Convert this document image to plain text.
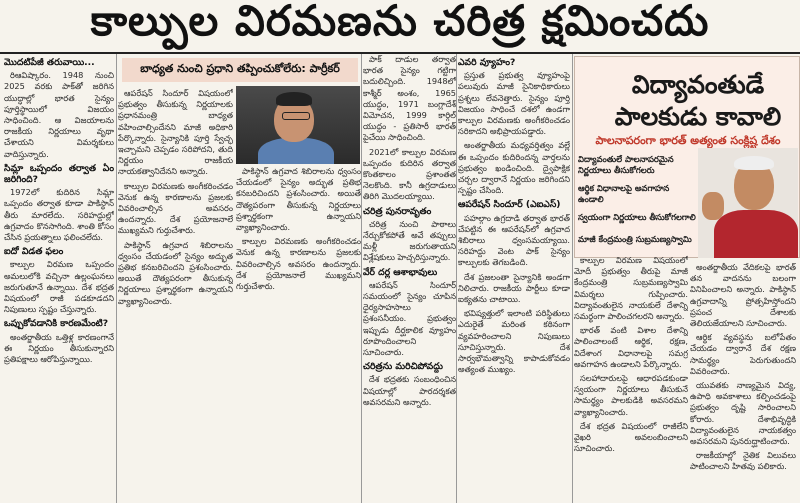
కాల్పుల విరమణను చరిత్ర క్షమించదు
మొదటిపేజీ తరువాయి...

రిఆవిష్కారం. 1948 నుంచి 2025 వరకు పాక్‌తో జరిగిన యుద్ధాల్లో భారత సైన్యం పూర్తిస్థాయిలో విజయం సాధించింది. ఆ విజయాలను రాజకీయ నిర్ణయాలు వృథా చేశాయని విమర్శకులు వాదిస్తున్నారు.

సిమ్లా ఒప్పందం తర్వాత ఏం జరిగింది?

1972లో కుదిరిన సిమ్లా ఒప్పందం తర్వాత కూడా పాకిస్థాన్ తీరు మారలేదు. సరిహద్దుల్లో ఉగ్రవాదం కొనసాగింది. శాంతి కోసం చేసిన ప్రయత్నాలు ఫలించలేదు.

ఐదో విడత ఫలం

కాల్పుల విరమణ ఒప్పందం అమలులోకి వచ్చినా ఉల్లంఘనలు జరుగుతూనే ఉన్నాయి. దేశ భద్రత విషయంలో రాజీ పడకూడదని నిపుణులు స్పష్టం చేస్తున్నారు.

ఒప్పుకోవడానికి కారణమేంటి?

అంతర్జాతీయ ఒత్తిళ్ల కారణంగానే ఈ నిర్ణయం తీసుకున్నారని ప్రతిపక్షాలు ఆరోపిస్తున్నాయి.

బాధ్యత నుంచి ప్రధాని తప్పించుకోలేరు: పార్రీకర్

ఆపరేషన్ సిందూర్ విషయంలో ప్రభుత్వం తీసుకున్న నిర్ణయాలకు ప్రధానమంత్రి బాధ్యత వహించాల్సిందేనని మాజీ అధికారి పేర్కొన్నారు. సైన్యానికి పూర్తి స్వేచ్ఛ ఇచ్చామని చెప్పడం సరిపోదని, తుది నిర్ణయం రాజకీయ నాయకత్వానిదేనని అన్నారు.

కాల్పుల విరమణకు అంగీకరించడం వెనుక ఉన్న కారణాలను ప్రజలకు వివరించాల్సిన అవసరం ఉందన్నారు. దేశ ప్రయోజనాలే ముఖ్యమని గుర్తుచేశారు.

పాకిస్థాన్ ఉగ్రవాద శిబిరాలను ధ్వంసం చేయడంలో సైన్యం అద్భుత ప్రతిభ కనబరిచిందని ప్రశంసించారు. అయితే దౌత్యపరంగా తీసుకున్న నిర్ణయాలు ప్రశ్నార్థకంగా ఉన్నాయని వ్యాఖ్యానించారు.

పాకిస్థాన్ ఉగ్రవాద శిబిరాలను ధ్వంసం చేయడంలో సైన్యం అద్భుత ప్రతిభ కనబరిచిందని ప్రశంసించారు. అయితే దౌత్యపరంగా తీసుకున్న నిర్ణయాలు ప్రశ్నార్థకంగా ఉన్నాయని వ్యాఖ్యానించారు.

కాల్పుల విరమణకు అంగీకరించడం వెనుక ఉన్న కారణాలను ప్రజలకు వివరించాల్సిన అవసరం ఉందన్నారు. దేశ ప్రయోజనాలే ముఖ్యమని గుర్తుచేశారు.

పాక్ దాడుల తర్వాత భారత సైన్యం గట్టిగా బదులిచ్చింది. 1948లో కాశ్మీర్ అంశం, 1965 యుద్ధం, 1971 బంగ్లాదేశ్ విమోచన, 1999 కార్గిల్ యుద్ధం - ప్రతిసారీ భారత్ పైచేయి సాధించింది.

2021లో కాల్పుల విరమణ ఒప్పందం కుదిరిన తర్వాత కొంతకాలం ప్రశాంతత నెలకొంది. కానీ ఉగ్రదాడులు తిరిగి మొదలయ్యాయి.

చరిత్ర పునరావృతం

చరిత్ర నుంచి పాఠాలు నేర్చుకోకపోతే అవే తప్పులు మళ్లీ జరుగుతాయని విశ్లేషకులు హెచ్చరిస్తున్నారు.

వేర్ దర్ల ఆశాభావులు

ఆపరేషన్ సిందూర్ సమయంలో సైన్యం చూపిన ధైర్యసాహసాలు ప్రశంసనీయం. ప్రభుత్వం ఇప్పుడు దీర్ఘకాలిక వ్యూహం రూపొందించాలని సూచించారు.

చరిత్రను మరిచిపోవద్దు

దేశ భద్రతకు సంబంధించిన విషయాల్లో పారదర్శకత అవసరమని అన్నారు.

ఎవరి వ్యూహం?

ప్రస్తుత ప్రభుత్వ వ్యూహంపై పలువురు మాజీ సైనికాధికారులు ప్రశ్నలు లేవనెత్తారు. సైన్యం పూర్తి విజయం సాధించే దశలో ఉండగా కాల్పుల విరమణకు అంగీకరించడం సరికాదని అభిప్రాయపడ్డారు.

అంతర్జాతీయ మధ్యవర్తిత్వం వల్లే ఈ ఒప్పందం కుదిరిందన్న వార్తలను ప్రభుత్వం ఖండించింది. ద్వైపాక్షిక చర్చల ద్వారానే నిర్ణయం జరిగిందని స్పష్టం చేసింది.

ఆపరేషన్ సిందూర్ (ఎఐఎస్)

పహల్గాం ఉగ్రదాడి తర్వాత భారత్ చేపట్టిన ఈ ఆపరేషన్‌లో ఉగ్రవాద శిబిరాలు ధ్వంసమయ్యాయి. సరిహద్దు వెంట పాక్ సైన్యం కాల్పులకు తెగబడింది.

దేశ ప్రజలంతా సైన్యానికి అండగా నిలిచారు. రాజకీయ పార్టీలు కూడా ఐక్యతను చాటాయి.

భవిష్యత్తులో ఇలాంటి పరిస్థితులు ఎదురైతే మరింత కఠినంగా వ్యవహరించాలని నిపుణులు సూచిస్తున్నారు. దేశ సార్వభౌమత్వాన్ని కాపాడుకోవడం అత్యంత ముఖ్యం.

విద్యావంతుడే
పాలకుడు కావాలి
పాలనాపరంగా భారత్ అత్యంత సంక్లిష్ట దేశం
విద్యావంతులే పాలనాపరమైన నిర్ణయాలు తీసుకోగలరు
ఆర్థిక విధానాలపై అవగాహన ఉండాలి
స్వయంగా నిర్ణయాలు తీసుకోగలగాలి
మాజీ కేంద్రమంత్రి సుబ్రమణ్యస్వామి

కాల్పుల విరమణ విషయంలో మోదీ ప్రభుత్వం తీరుపై మాజీ కేంద్రమంత్రి సుబ్రమణ్యస్వామి విమర్శలు గుప్పించారు. విద్యావంతులైన నాయకులే దేశాన్ని సమర్థంగా పాలించగలరని అన్నారు.

భారత్ వంటి విశాల దేశాన్ని పాలించాలంటే ఆర్థిక, రక్షణ, విదేశాంగ విధానాలపై సమగ్ర అవగాహన ఉండాలని పేర్కొన్నారు.

సలహాదారులపై ఆధారపడకుండా స్వయంగా నిర్ణయాలు తీసుకునే సామర్థ్యం పాలకుడికి అవసరమని వ్యాఖ్యానించారు.

దేశ భద్రత విషయంలో రాజీలేని వైఖరి అవలంబించాలని సూచించారు.

అంతర్జాతీయ వేదికలపై భారత్ తన వాదనను బలంగా వినిపించాలని అన్నారు. పాకిస్థాన్ ఉగ్రవాదాన్ని ప్రోత్సహిస్తోందని ప్రపంచ దేశాలకు తెలియజేయాలని సూచించారు.

ఆర్థిక వ్యవస్థను బలోపేతం చేయడం ద్వారానే దేశ రక్షణ సామర్థ్యం పెరుగుతుందని వివరించారు.

యువతకు నాణ్యమైన విద్య, ఉపాధి అవకాశాలు కల్పించడంపై ప్రభుత్వం దృష్టి సారించాలని కోరారు. దేశాభివృద్ధికి విద్యావంతులైన నాయకత్వం అవసరమని పునరుద్ఘాటించారు.

రాజకీయాల్లో నైతిక విలువలు పాటించాలని హితవు పలికారు.
